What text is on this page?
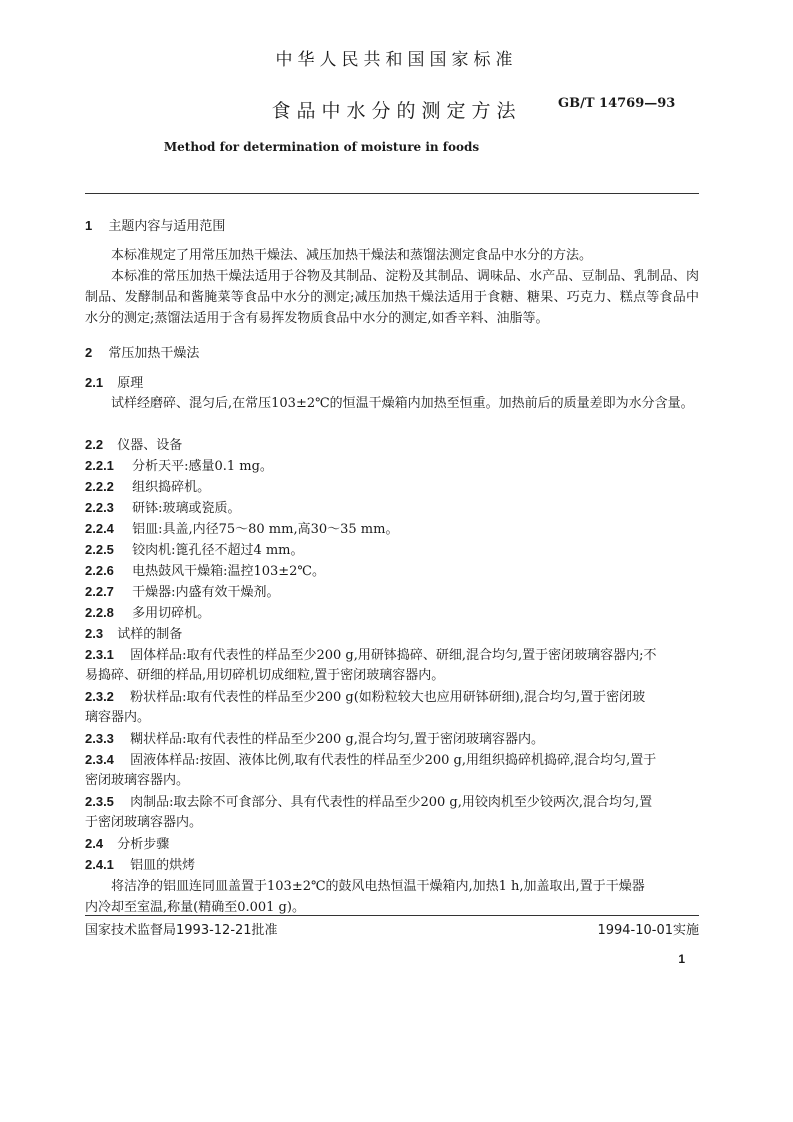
中华人民共和国国家标准
食品中水分的测定方法	GB/T 14769—93
Method for determination of moisture in foods
1 主题内容与适用范围
本标准规定了用常压加热干燥法、减压加热干燥法和蒸馏法测定食品中水分的方法。
本标准的常压加热干燥法适用于谷物及其制品、淀粉及其制品、调味品、水产品、豆制品、乳制品、肉制品、发酵制品和酱腌菜等食品中水分的测定;减压加热干燥法适用于食糖、糖果、巧克力、糕点等食品中水分的测定;蒸馏法适用于含有易挥发物质食品中水分的测定,如香辛料、油脂等。
2 常压加热干燥法
2.1 原理
试样经磨碎、混匀后,在常压103±2℃的恒温干燥箱内加热至恒重。加热前后的质量差即为水分含量。
2.2 仪器、设备
2.2.1 分析天平:感量0.1 mg。
2.2.2 组织捣碎机。
2.2.3 研钵:玻璃或瓷质。
2.2.4 铝皿:具盖,内径75～80 mm,高30～35 mm。
2.2.5 铰肉机:篦孔径不超过4 mm。
2.2.6 电热鼓风干燥箱:温控103±2℃。
2.2.7 干燥器:内盛有效干燥剂。
2.2.8 多用切碎机。
2.3 试样的制备
2.3.1 固体样品:取有代表性的样品至少200 g,用研钵捣碎、研细,混合均匀,置于密闭玻璃容器内;不
易捣碎、研细的样品,用切碎机切成细粒,置于密闭玻璃容器内。
2.3.2 粉状样品:取有代表性的样品至少200 g(如粉粒较大也应用研钵研细),混合均匀,置于密闭玻
璃容器内。
2.3.3 糊状样品:取有代表性的样品至少200 g,混合均匀,置于密闭玻璃容器内。
2.3.4 固液体样品:按固、液体比例,取有代表性的样品至少200 g,用组织捣碎机捣碎,混合均匀,置于
密闭玻璃容器内。
2.3.5 肉制品:取去除不可食部分、具有代表性的样品至少200 g,用铰肉机至少铰两次,混合均匀,置
于密闭玻璃容器内。
2.4 分析步骤
2.4.1 铝皿的烘烤
将洁净的铝皿连同皿盖置于103±2℃的鼓风电热恒温干燥箱内,加热1 h,加盖取出,置于干燥器
内冷却至室温,称量(精确至0.001 g)。
国家技术监督局1993-12-21批准	1994-10-01实施
1
